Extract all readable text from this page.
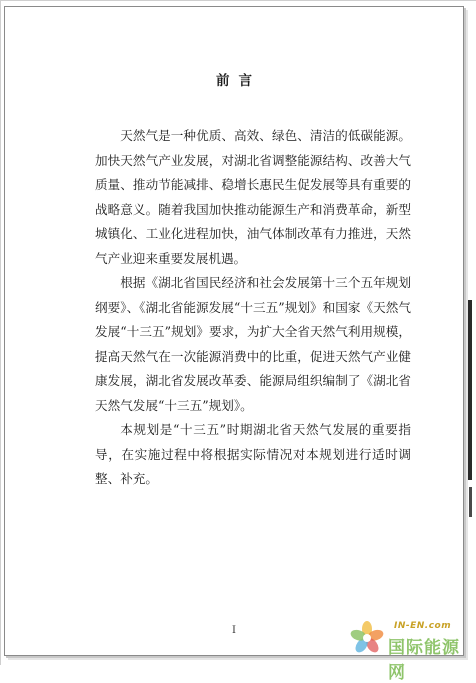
前言

天然气是一种优质、高效、绿色、清洁的低碳能源。加快天然气产业发展，对湖北省调整能源结构、改善大气质量、推动节能减排、稳增长惠民生促发展等具有重要的战略意义。随着我国加快推动能源生产和消费革命，新型城镇化、工业化进程加快，油气体制改革有力推进，天然气产业迎来重要发展机遇。

根据《湖北省国民经济和社会发展第十三个五年规划纲要》、《湖北省能源发展“十三五”规划》和国家《天然气发展“十三五”规划》要求，为扩大全省天然气利用规模，提高天然气在一次能源消费中的比重，促进天然气产业健康发展，湖北省发展改革委、能源局组织编制了《湖北省天然气发展“十三五”规划》。

本规划是“十三五”时期湖北省天然气发展的重要指导，在实施过程中将根据实际情况对本规划进行适时调整、补充。

I	IN-EN.com
国际能源网
